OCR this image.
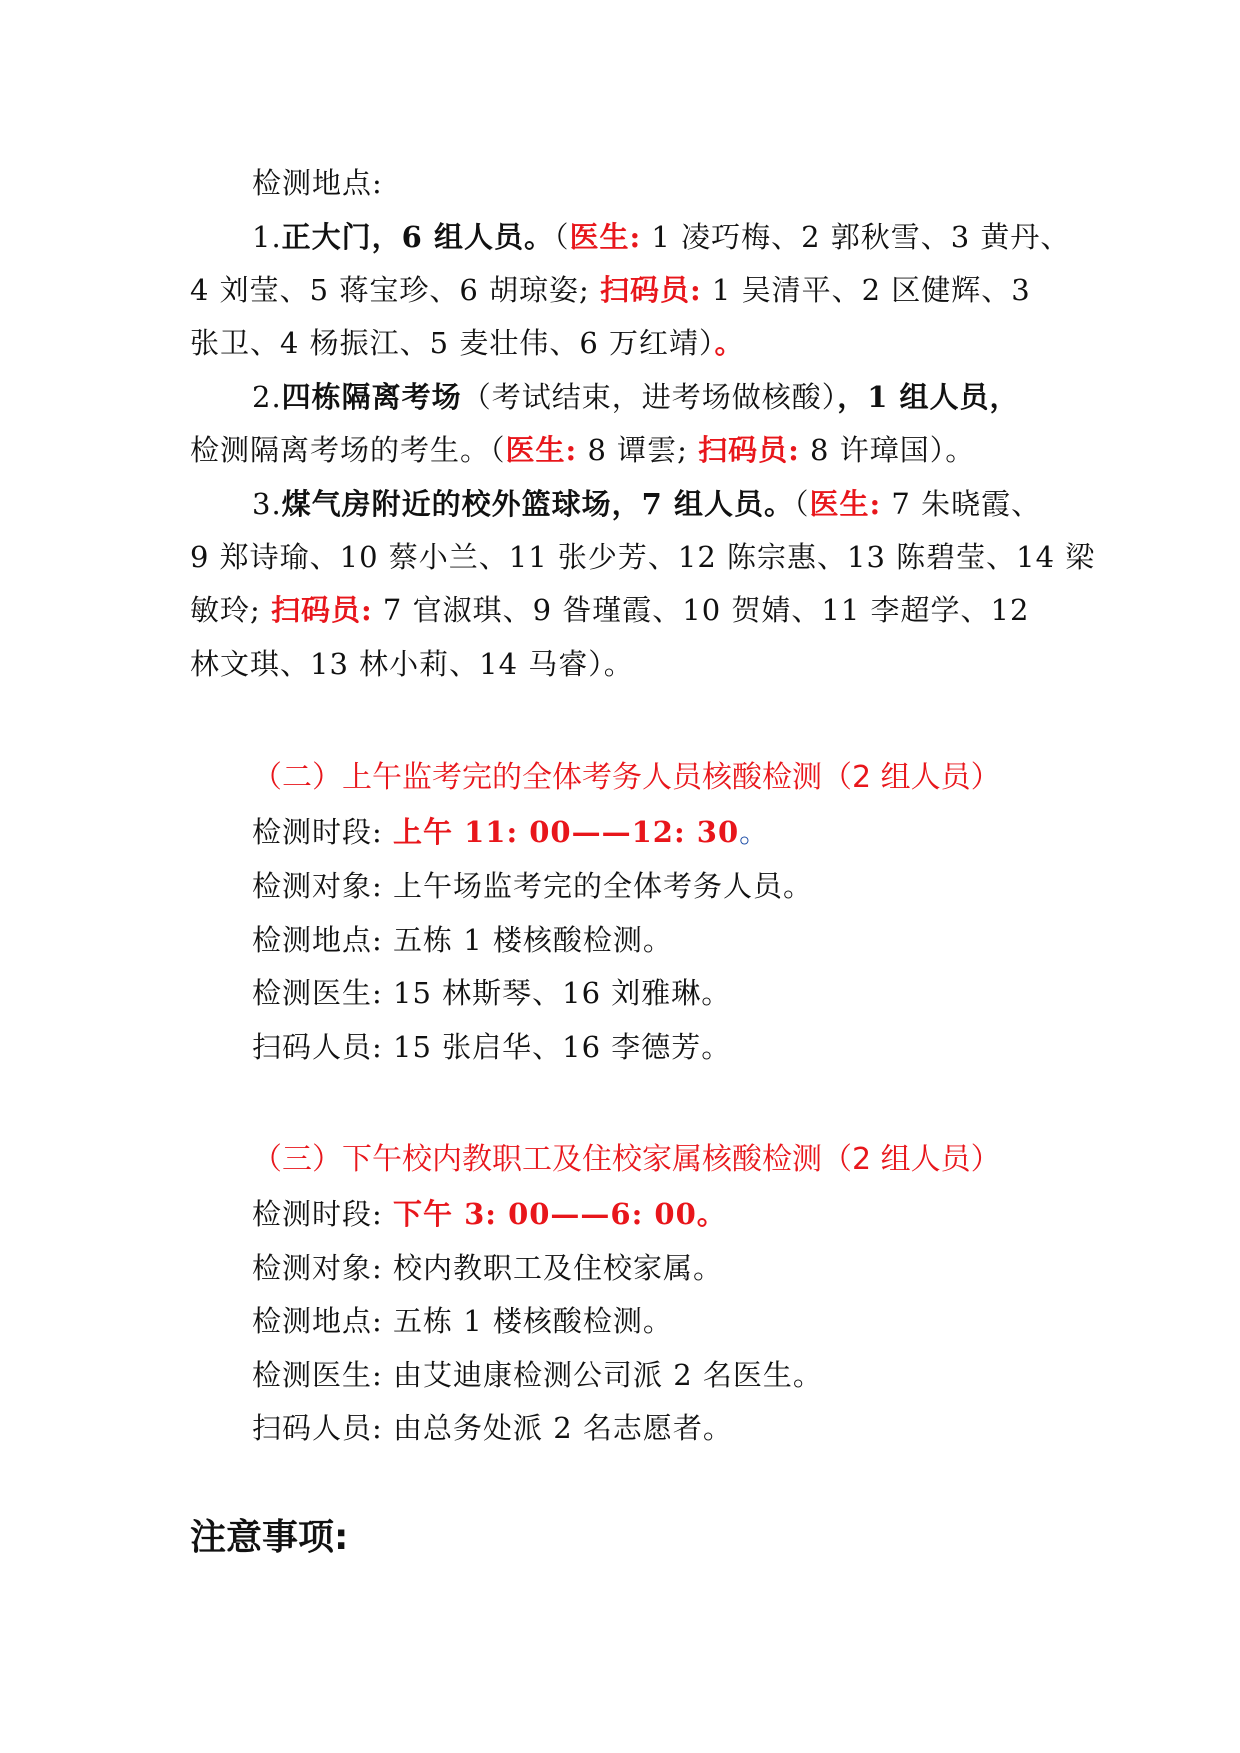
检测地点:
1.正大门，6 组人员。（医生: 1 凌巧梅、2 郭秋雪、3 黄丹、
4 刘莹、5 蒋宝珍、6 胡琼姿; 扫码员: 1 吴清平、2 区健辉、3
张卫、4 杨振江、5 麦壮伟、6 万红靖）。
2.四栋隔离考场（考试结束，进考场做核酸），1 组人员，
检测隔离考场的考生。（医生: 8 谭雲; 扫码员: 8 许璋国）。
3.煤气房附近的校外篮球场，7 组人员。（医生: 7 朱晓霞、
9 郑诗瑜、10 蔡小兰、11 张少芳、12 陈宗惠、13 陈碧莹、14 梁
敏玲; 扫码员: 7 官淑琪、9 昝瑾霞、10 贺婧、11 李超学、12
林文琪、13 林小莉、14 马睿）。
（二）上午监考完的全体考务人员核酸检测（2 组人员）
检测时段: 上午 11: 00——12: 30。
检测对象: 上午场监考完的全体考务人员。
检测地点: 五栋 1 楼核酸检测。
检测医生: 15 林斯琴、16 刘雅琳。
扫码人员: 15 张启华、16 李德芳。
（三）下午校内教职工及住校家属核酸检测（2 组人员）
检测时段: 下午 3: 00——6: 00。
检测对象: 校内教职工及住校家属。
检测地点: 五栋 1 楼核酸检测。
检测医生: 由艾迪康检测公司派 2 名医生。
扫码人员: 由总务处派 2 名志愿者。
注意事项:
